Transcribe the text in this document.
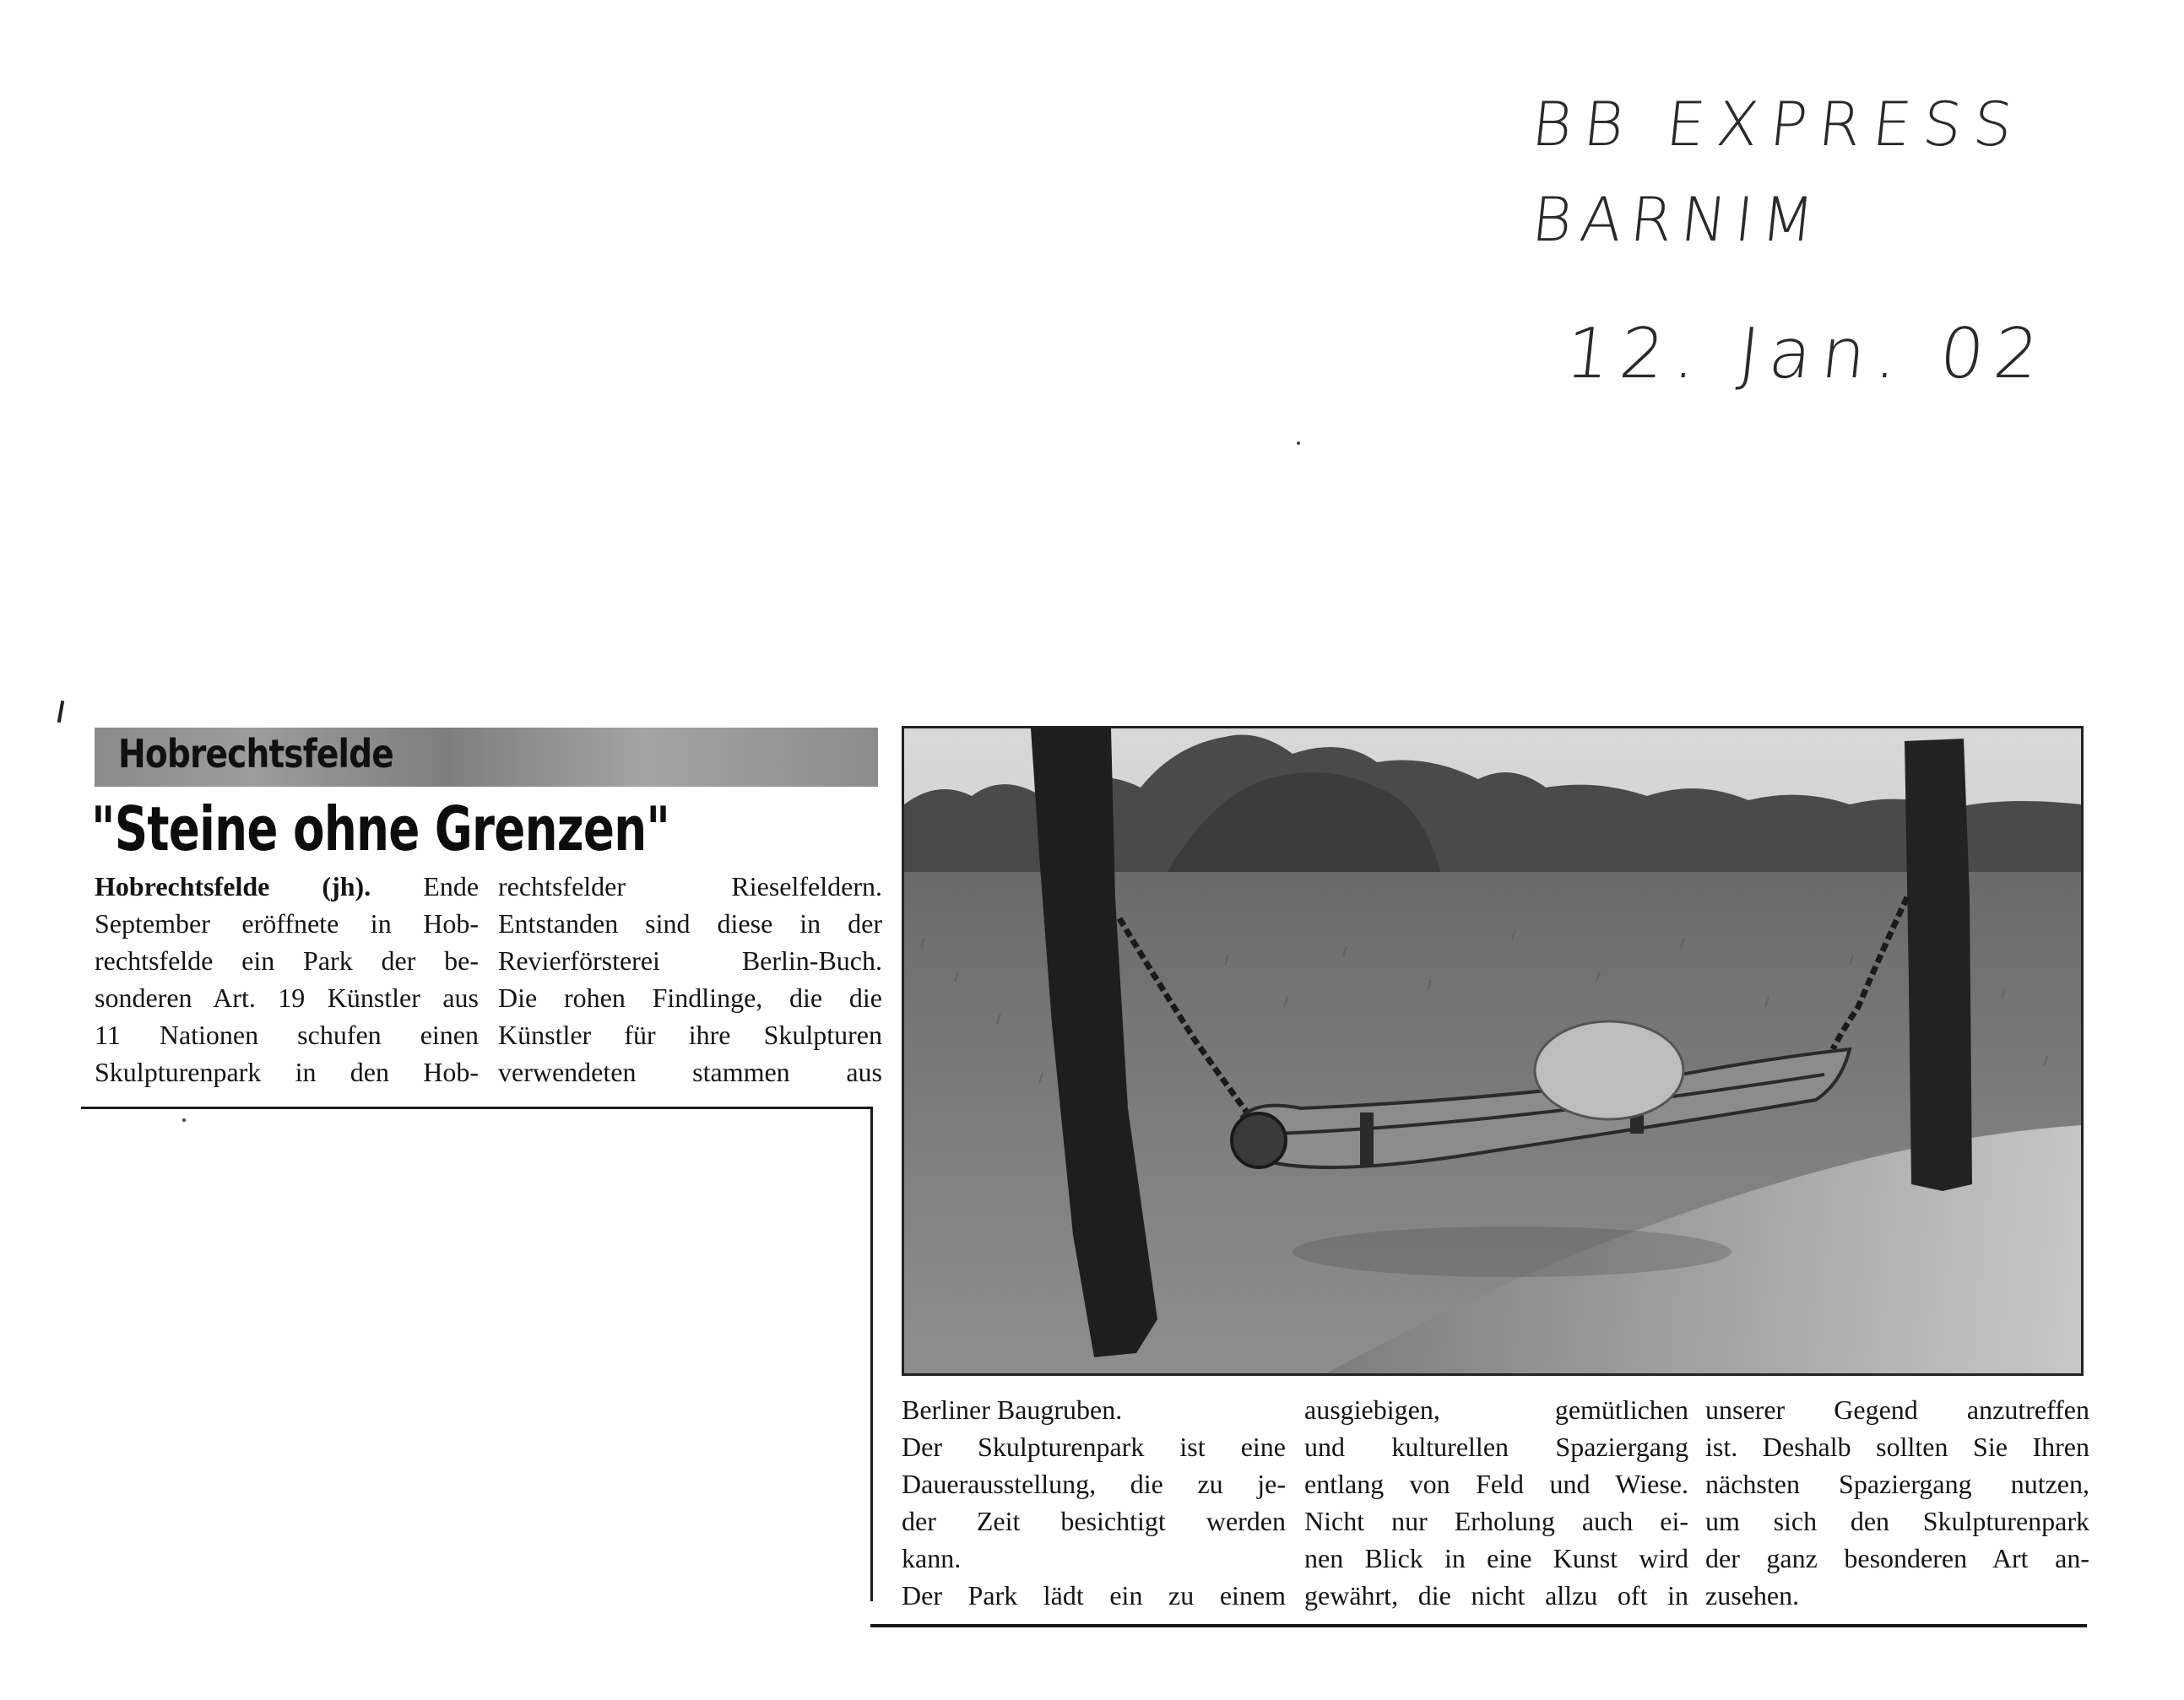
BB EXPRESS
BARNIM
12. Jan. 02
Hobrechtsfelde
"Steine ohne Grenzen"

Hobrechtsfelde (jh). Ende

September eröffnete in Hob-

rechtsfelde ein Park der be-

sonderen Art. 19 Künstler aus

11 Nationen schufen einen

Skulpturenpark in den Hob-

rechtsfelder Rieselfeldern.

Entstanden sind diese in der

Revierförsterei Berlin-Buch.

Die rohen Findlinge, die die

Künstler für ihre Skulpturen

verwendeten stammen aus

Berliner Baugruben.

Der Skulpturenpark ist eine

Dauerausstellung, die zu je-

der Zeit besichtigt werden

kann.

Der Park lädt ein zu einem

ausgiebigen, gemütlichen

und kulturellen Spaziergang

entlang von Feld und Wiese.

Nicht nur Erholung auch ei-

nen Blick in eine Kunst wird

gewährt, die nicht allzu oft in

unserer Gegend anzutreffen

ist. Deshalb sollten Sie Ihren

nächsten Spaziergang nutzen,

um sich den Skulpturenpark

der ganz besonderen Art an-

zusehen.
